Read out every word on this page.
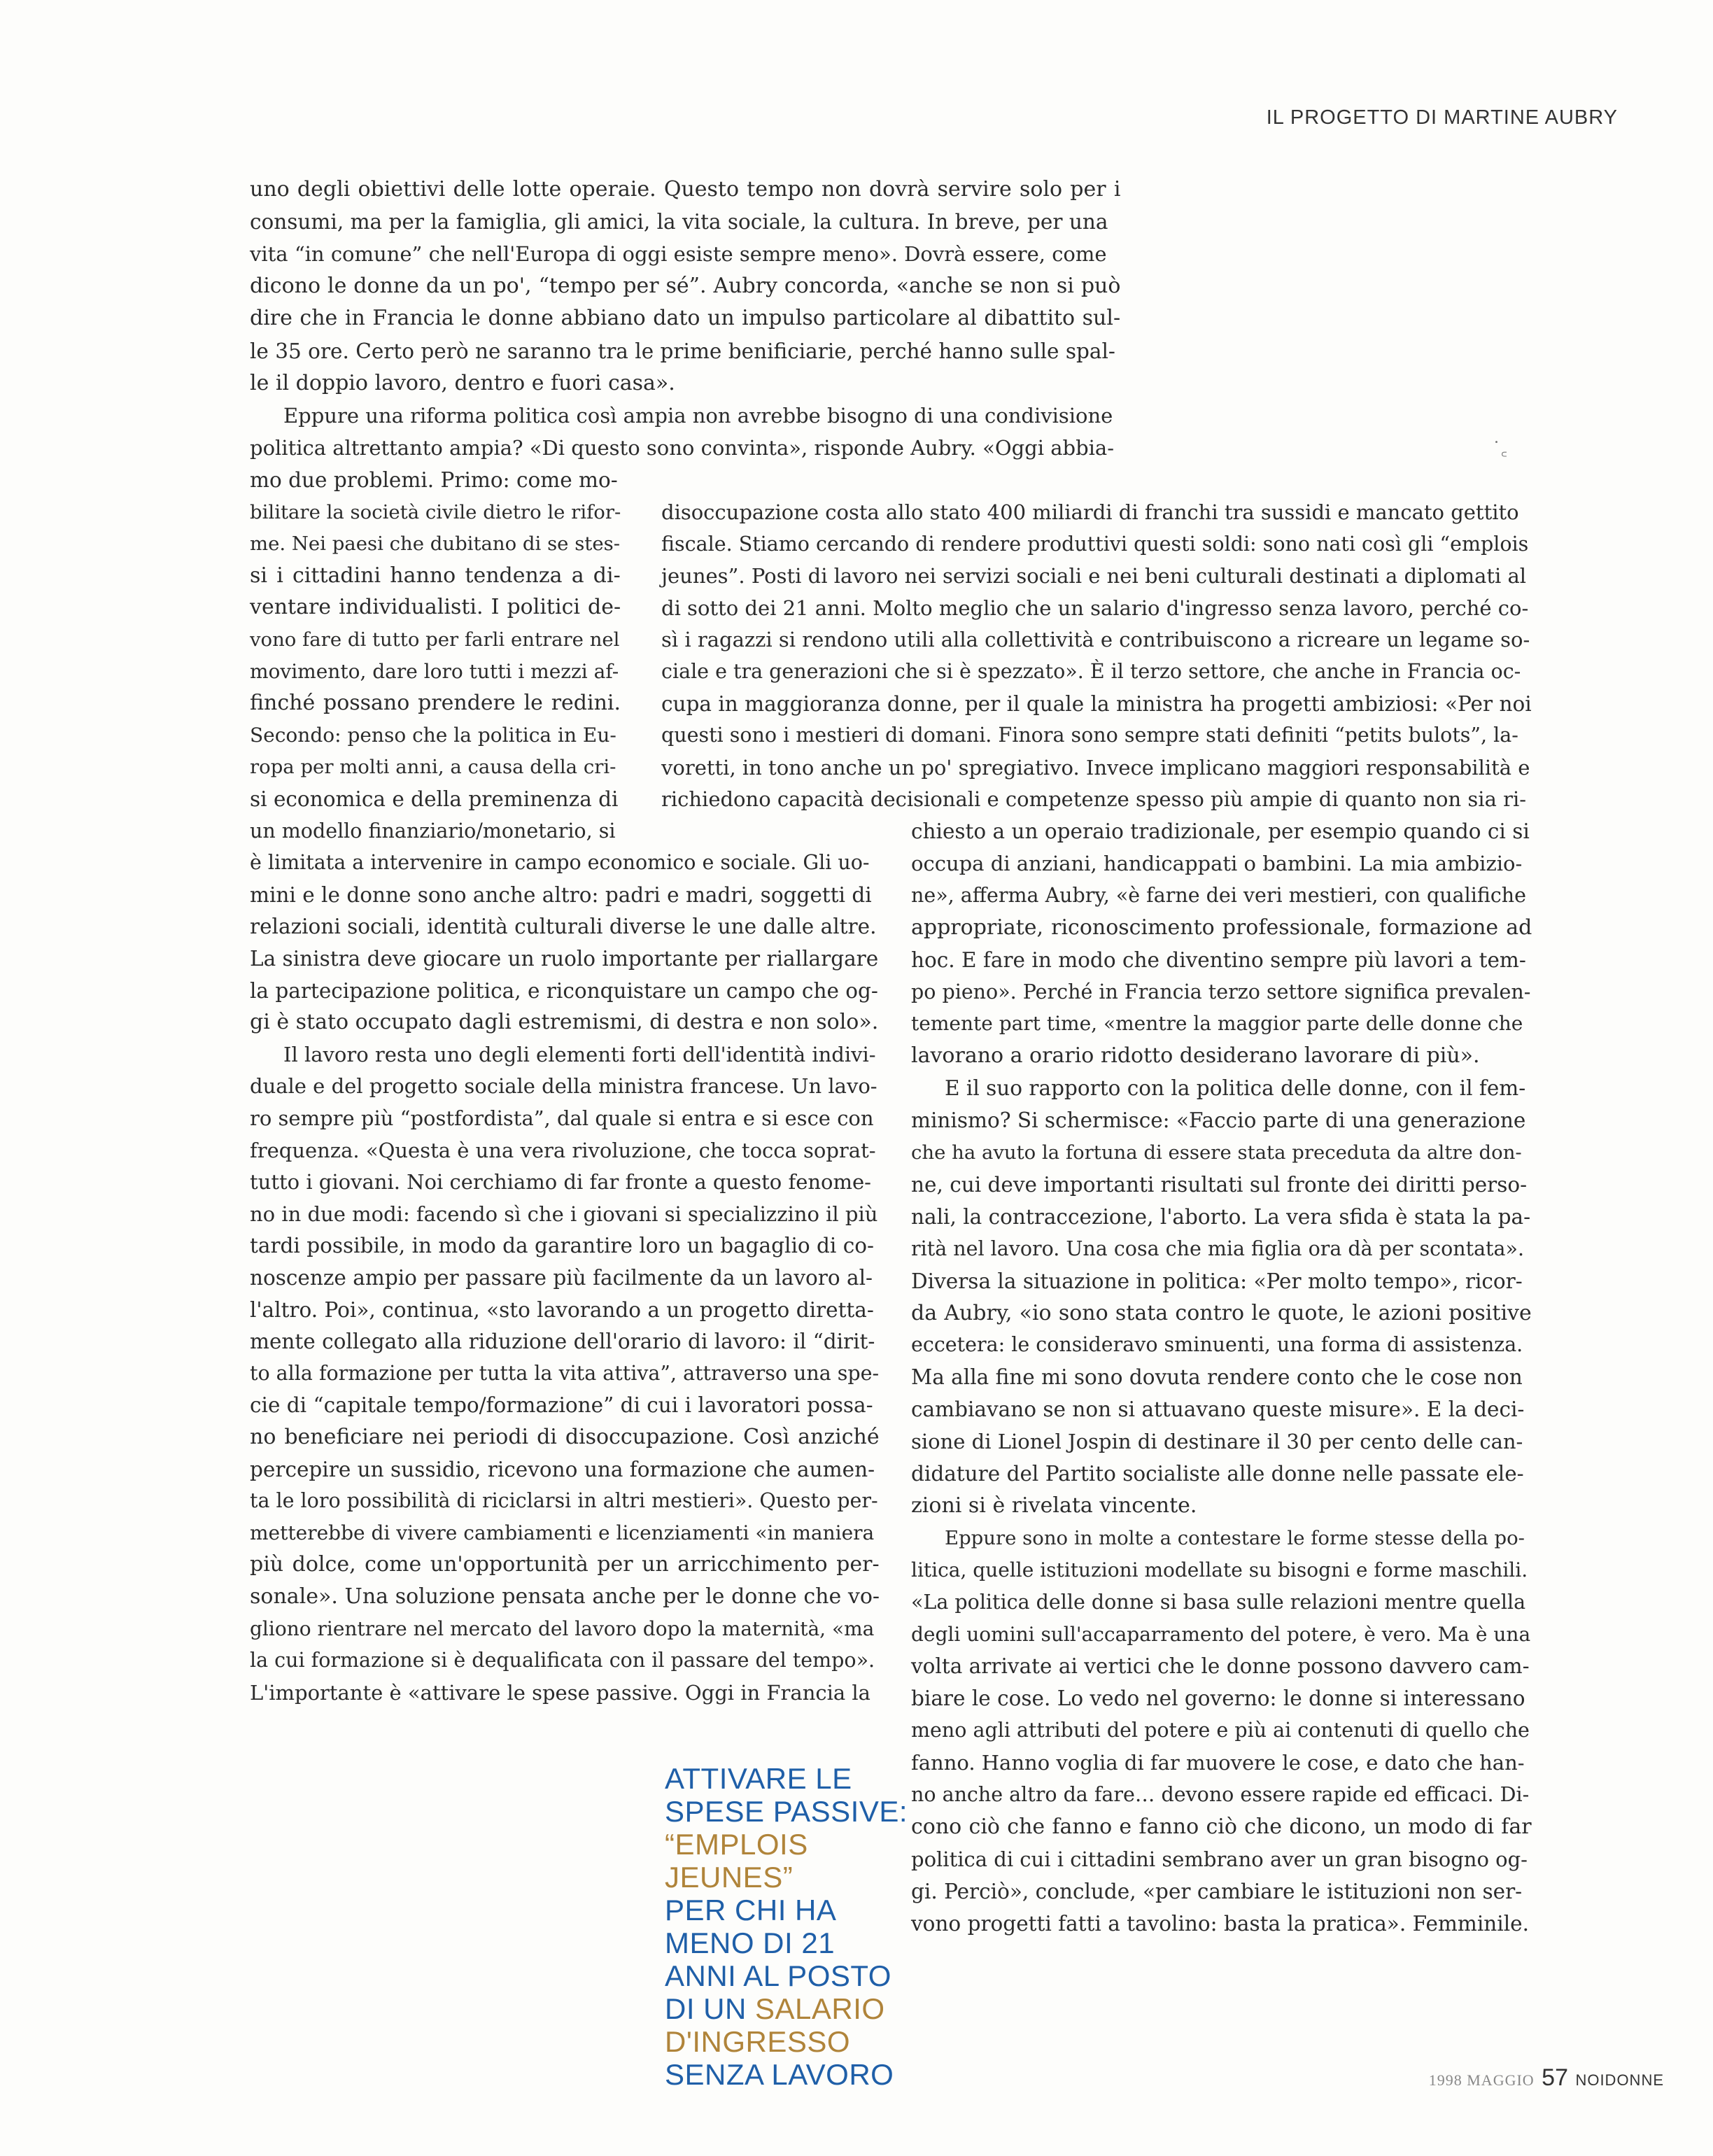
IL PROGETTO DI MARTINE AUBRY
uno degli obiettivi delle lotte operaie. Questo tempo non dovrà servire solo per i
consumi, ma per la famiglia, gli amici, la vita sociale, la cultura. In breve, per una
vita “in comune” che nell'Europa di oggi esiste sempre meno». Dovrà essere, come
dicono le donne da un po', “tempo per sé”. Aubry concorda, «anche se non si può
dire che in Francia le donne abbiano dato un impulso particolare al dibattito sul-
le 35 ore. Certo però ne saranno tra le prime benificiarie, perché hanno sulle spal-
le il doppio lavoro, dentro e fuori casa».
Eppure una riforma politica così ampia non avrebbe bisogno di una condivisione
politica altrettanto ampia? «Di questo sono convinta», risponde Aubry. «Oggi abbia-
mo due problemi. Primo: come mo-
bilitare la società civile dietro le rifor-
me. Nei paesi che dubitano di se stes-
si i cittadini hanno tendenza a di-
ventare individualisti. I politici de-
vono fare di tutto per farli entrare nel
movimento, dare loro tutti i mezzi af-
finché possano prendere le redini.
Secondo: penso che la politica in Eu-
ropa per molti anni, a causa della cri-
si economica e della preminenza di
un modello finanziario/monetario, si
è limitata a intervenire in campo economico e sociale. Gli uo-
mini e le donne sono anche altro: padri e madri, soggetti di
relazioni sociali, identità culturali diverse le une dalle altre.
La sinistra deve giocare un ruolo importante per riallargare
la partecipazione politica, e riconquistare un campo che og-
gi è stato occupato dagli estremismi, di destra e non solo».
Il lavoro resta uno degli elementi forti dell'identità indivi-
duale e del progetto sociale della ministra francese. Un lavo-
ro sempre più “postfordista”, dal quale si entra e si esce con
frequenza. «Questa è una vera rivoluzione, che tocca soprat-
tutto i giovani. Noi cerchiamo di far fronte a questo fenome-
no in due modi: facendo sì che i giovani si specializzino il più
tardi possibile, in modo da garantire loro un bagaglio di co-
noscenze ampio per passare più facilmente da un lavoro al-
l'altro. Poi», continua, «sto lavorando a un progetto diretta-
mente collegato alla riduzione dell'orario di lavoro: il “dirit-
to alla formazione per tutta la vita attiva”, attraverso una spe-
cie di “capitale tempo/formazione” di cui i lavoratori possa-
no beneficiare nei periodi di disoccupazione. Così anziché
percepire un sussidio, ricevono una formazione che aumen-
ta le loro possibilità di riciclarsi in altri mestieri». Questo per-
metterebbe di vivere cambiamenti e licenziamenti «in maniera
più dolce, come un'opportunità per un arricchimento per-
sonale». Una soluzione pensata anche per le donne che vo-
gliono rientrare nel mercato del lavoro dopo la maternità, «ma
la cui formazione si è dequalificata con il passare del tempo».
L'importante è «attivare le spese passive. Oggi in Francia la
disoccupazione costa allo stato 400 miliardi di franchi tra sussidi e mancato gettito
fiscale. Stiamo cercando di rendere produttivi questi soldi: sono nati così gli “emplois
jeunes”. Posti di lavoro nei servizi sociali e nei beni culturali destinati a diplomati al
di sotto dei 21 anni. Molto meglio che un salario d'ingresso senza lavoro, perché co-
sì i ragazzi si rendono utili alla collettività e contribuiscono a ricreare un legame so-
ciale e tra generazioni che si è spezzato». È il terzo settore, che anche in Francia oc-
cupa in maggioranza donne, per il quale la ministra ha progetti ambiziosi: «Per noi
questi sono i mestieri di domani. Finora sono sempre stati definiti “petits bulots”, la-
voretti, in tono anche un po' spregiativo. Invece implicano maggiori responsabilità e
richiedono capacità decisionali e competenze spesso più ampie di quanto non sia ri-
chiesto a un operaio tradizionale, per esempio quando ci si
occupa di anziani, handicappati o bambini. La mia ambizio-
ne», afferma Aubry, «è farne dei veri mestieri, con qualifiche
appropriate, riconoscimento professionale, formazione ad
hoc. E fare in modo che diventino sempre più lavori a tem-
po pieno». Perché in Francia terzo settore significa prevalen-
temente part time, «mentre la maggior parte delle donne che
lavorano a orario ridotto desiderano lavorare di più».
E il suo rapporto con la politica delle donne, con il fem-
minismo? Si schermisce: «Faccio parte di una generazione
che ha avuto la fortuna di essere stata preceduta da altre don-
ne, cui deve importanti risultati sul fronte dei diritti perso-
nali, la contraccezione, l'aborto. La vera sfida è stata la pa-
rità nel lavoro. Una cosa che mia figlia ora dà per scontata».
Diversa la situazione in politica: «Per molto tempo», ricor-
da Aubry, «io sono stata contro le quote, le azioni positive
eccetera: le consideravo sminuenti, una forma di assistenza.
Ma alla fine mi sono dovuta rendere conto che le cose non
cambiavano se non si attuavano queste misure». E la deci-
sione di Lionel Jospin di destinare il 30 per cento delle can-
didature del Partito socialiste alle donne nelle passate ele-
zioni si è rivelata vincente.
Eppure sono in molte a contestare le forme stesse della po-
litica, quelle istituzioni modellate su bisogni e forme maschili.
«La politica delle donne si basa sulle relazioni mentre quella
degli uomini sull'accaparramento del potere, è vero. Ma è una
volta arrivate ai vertici che le donne possono davvero cam-
biare le cose. Lo vedo nel governo: le donne si interessano
meno agli attributi del potere e più ai contenuti di quello che
fanno. Hanno voglia di far muovere le cose, e dato che han-
no anche altro da fare… devono essere rapide ed efficaci. Di-
cono ciò che fanno e fanno ciò che dicono, un modo di far
politica di cui i cittadini sembrano aver un gran bisogno og-
gi. Perciò», conclude, «per cambiare le istituzioni non ser-
vono progetti fatti a tavolino: basta la pratica». Femminile.
ATTIVARE LE
SPESE PASSIVE:
“EMPLOIS
JEUNES”
PER CHI HA
MENO DI 21
ANNI AL POSTO
DI UN SALARIO
D'INGRESSO
SENZA LAVORO
˙꜀
1998 MAGGIO 57 NOIDONNE
